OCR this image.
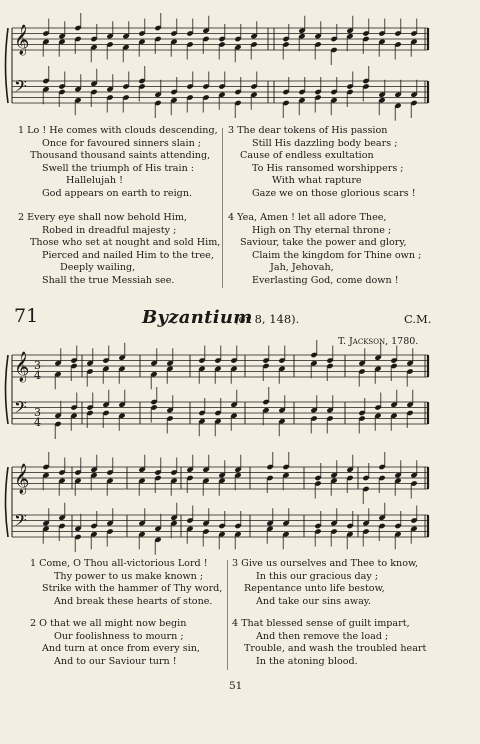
𝄞
𝄢
𝄞
𝄢
3
4
3
4
𝄞
𝄢
1 Lo ! He comes with clouds descending,
Once for favoured sinners slain ;
Thousand thousand saints attending,
Swell the triumph of His train :
Hallelujah !
God appears on earth to reign.
2 Every eye shall now behold Him,
Robed in dreadful majesty ;
Those who set at nought and sold Him,
Pierced and nailed Him to the tree,
Deeply wailing,
Shall the true Messiah see.
3 The dear tokens of His passion
Still His dazzling body bears ;
Cause of endless exultation
To His ransomed worshippers ;
With what rapture
Gaze we on those glorious scars !
4 Yea, Amen ! let all adore Thee,
High on Thy eternal throne ;
Saviour, take the power and glory,
Claim the kingdom for Thine own ;
Jah, Jehovah,
Everlasting God, come down !
71	Byzantium
(or 8, 148).	C.M.
T. Jackson, 1780.
1 Come, O Thou all-victorious Lord !
Thy power to us make known ;
Strike with the hammer of Thy word,
And break these hearts of stone.
2 O that we all might now begin
Our foolishness to mourn ;
And turn at once from every sin,
And to our Saviour turn !
3 Give us ourselves and Thee to know,
In this our gracious day ;
Repentance unto life bestow,
And take our sins away.
4 That blessed sense of guilt impart,
And then remove the load ;
Trouble, and wash the troubled heart
In the atoning blood.
51
